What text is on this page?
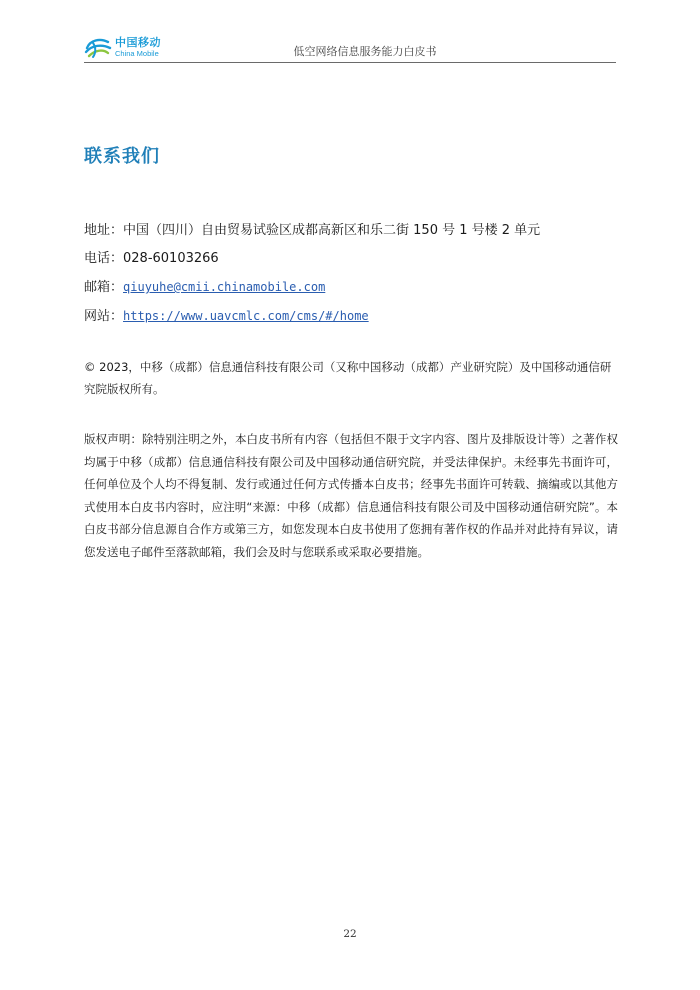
中国移动
China Mobile	低空网络信息服务能力白皮书
联系我们
地址：中国（四川）自由贸易试验区成都高新区和乐二街 150 号 1 号楼 2 单元
电话：028-60103266
邮箱：qiuyuhe@cmii.chinamobile.com
网站：https://www.uavcmlc.com/cms/#/home
© 2023，中移（成都）信息通信科技有限公司（又称中国移动（成都）产业研究院）及中国移动通信研究院版权所有。
版权声明：除特别注明之外，本白皮书所有内容（包括但不限于文字内容、图片及排版设计等）之著作权均属于中移（成都）信息通信科技有限公司及中国移动通信研究院，并受法律保护。未经事先书面许可，任何单位及个人均不得复制、发行或通过任何方式传播本白皮书；经事先书面许可转载、摘编或以其他方式使用本白皮书内容时，应注明“来源：中移（成都）信息通信科技有限公司及中国移动通信研究院”。本白皮书部分信息源自合作方或第三方，如您发现本白皮书使用了您拥有著作权的作品并对此持有异议，请您发送电子邮件至落款邮箱，我们会及时与您联系或采取必要措施。
22
